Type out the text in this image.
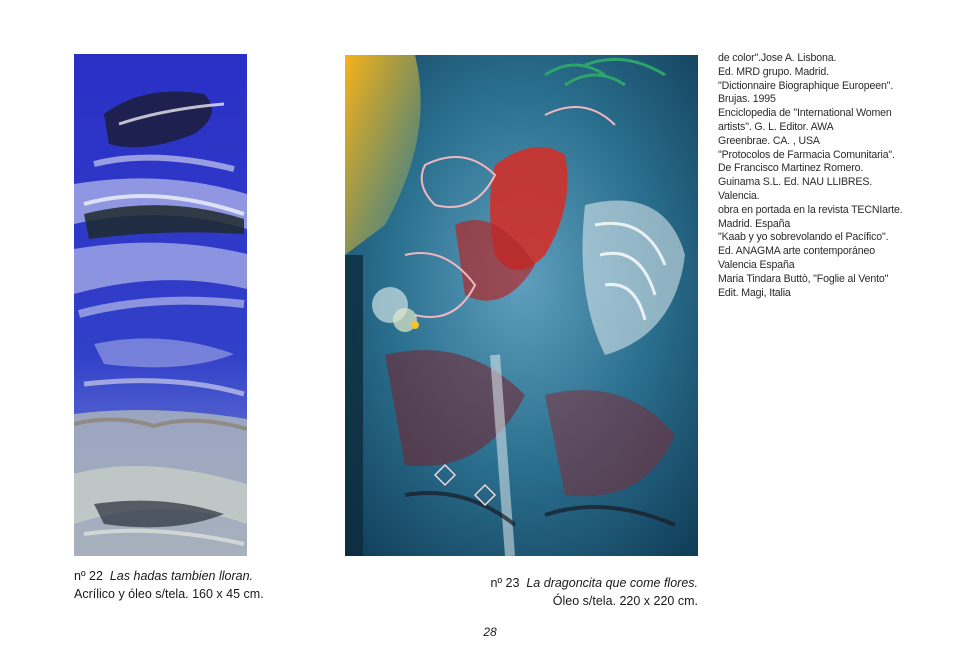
nº 22 Las hadas tambien lloran.
Acrílico y óleo s/tela. 160 x 45 cm.
nº 23 La dragoncita que come flores.
Óleo s/tela. 220 x 220 cm.
de color".Jose A. Lisbona.
Ed. MRD grupo. Madrid.
"Dictionnaire Biographique Europeen".
Brujas. 1995
Enciclopedia de "International Women
artists". G. L. Editor. AWA
Greenbrae. CA. , USA
"Protocolos de Farmacia Comunitaria".
De Francisco Martinez Romero.
Guinama S.L. Ed. NAU LLIBRES.
Valencia.
obra en portada en la revista TECNIarte.
Madrid. España
"Kaab y yo sobrevolando el Pacífico".
Ed. ANAGMA arte contemporáneo
Valencia España
Maria Tindara Buttò, "Foglie al Vento"
Edit. Magi, Italia
28
